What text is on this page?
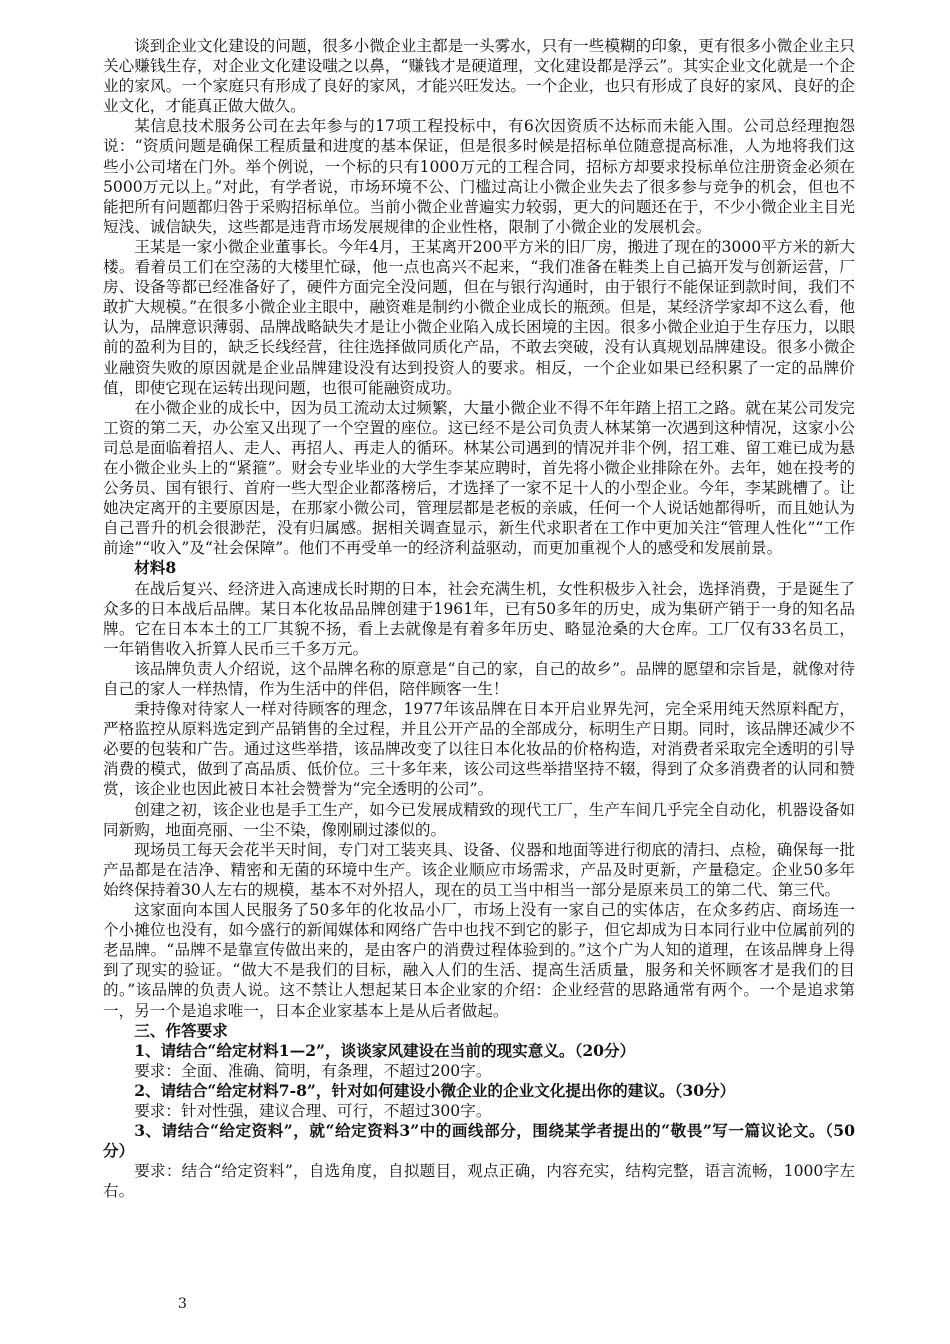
谈到企业文化建设的问题，很多小微企业主都是一头雾水，只有一些模糊的印象，更有很多小微企业主只关心赚钱生存，对企业文化建设嗤之以鼻，“赚钱才是硬道理，文化建设都是浮云”。其实企业文化就是一个企业的家风。一个家庭只有形成了良好的家风，才能兴旺发达。一个企业，也只有形成了良好的家风、良好的企业文化，才能真正做大做久。

某信息技术服务公司在去年参与的17项工程投标中，有6次因资质不达标而未能入围。公司总经理抱怨说：“资质问题是确保工程质量和进度的基本保证，但是很多时候是招标单位随意提高标准，人为地将我们这些小公司堵在门外。举个例说，一个标的只有1000万元的工程合同，招标方却要求投标单位注册资金必须在5000万元以上。”对此，有学者说，市场环境不公、门槛过高让小微企业失去了很多参与竞争的机会，但也不能把所有问题都归咎于采购招标单位。当前小微企业普遍实力较弱，更大的问题还在于，不少小微企业主目光短浅、诚信缺失，这些都是违背市场发展规律的企业性格，限制了小微企业的发展机会。

王某是一家小微企业董事长。今年4月，王某离开200平方米的旧厂房，搬进了现在的3000平方米的新大楼。看着员工们在空荡的大楼里忙碌，他一点也高兴不起来，“我们准备在鞋类上自己搞开发与创新运营，厂房、设备等都已经准备好了，硬件方面完全没问题，但在与银行沟通时，由于银行不能保证到款时间，我们不敢扩大规模。”在很多小微企业主眼中，融资难是制约小微企业成长的瓶颈。但是，某经济学家却不这么看，他认为，品牌意识薄弱、品牌战略缺失才是让小微企业陷入成长困境的主因。很多小微企业迫于生存压力，以眼前的盈利为目的，缺乏长线经营，往往选择做同质化产品，不敢去突破，没有认真规划品牌建设。很多小微企业融资失败的原因就是企业品牌建设没有达到投资人的要求。相反，一个企业如果已经积累了一定的品牌价值，即使它现在运转出现问题，也很可能融资成功。

在小微企业的成长中，因为员工流动太过频繁，大量小微企业不得不年年踏上招工之路。就在某公司发完工资的第二天，办公室又出现了一个空置的座位。这已经不是公司负责人林某第一次遇到这种情况，这家小公司总是面临着招人、走人、再招人、再走人的循环。林某公司遇到的情况并非个例，招工难、留工难已成为悬在小微企业头上的“紧箍”。财会专业毕业的大学生李某应聘时，首先将小微企业排除在外。去年，她在投考的公务员、国有银行、首府一些大型企业都落榜后，才选择了一家不足十人的小型企业。今年，李某跳槽了。让她决定离开的主要原因是，在那家小微公司，管理层都是老板的亲戚，任何一个人说话她都得听，而且她认为自己晋升的机会很渺茫，没有归属感。据相关调查显示，新生代求职者在工作中更加关注“管理人性化”“工作前途”“收入”及“社会保障”。他们不再受单一的经济利益驱动，而更加重视个人的感受和发展前景。

材料8

在战后复兴、经济进入高速成长时期的日本，社会充满生机，女性积极步入社会，选择消费，于是诞生了众多的日本战后品牌。某日本化妆品品牌创建于1961年，已有50多年的历史，成为集研产销于一身的知名品牌。它在日本本土的工厂其貌不扬，看上去就像是有着多年历史、略显沧桑的大仓库。工厂仅有33名员工，一年销售收入折算人民币三千多万元。

该品牌负责人介绍说，这个品牌名称的原意是“自己的家，自己的故乡”。品牌的愿望和宗旨是，就像对待自己的家人一样热情，作为生活中的伴侣，陪伴顾客一生！

秉持像对待家人一样对待顾客的理念，1977年该品牌在日本开启业界先河，完全采用纯天然原料配方，严格监控从原料选定到产品销售的全过程，并且公开产品的全部成分，标明生产日期。同时，该品牌还减少不必要的包装和广告。通过这些举措，该品牌改变了以往日本化妆品的价格构造，对消费者采取完全透明的引导消费的模式，做到了高品质、低价位。三十多年来，该公司这些举措坚持不辍，得到了众多消费者的认同和赞赏，该企业也因此被日本社会赞誉为“完全透明的公司”。

创建之初，该企业也是手工生产，如今已发展成精致的现代工厂，生产车间几乎完全自动化，机器设备如同新购，地面亮丽、一尘不染，像刚刷过漆似的。

现场员工每天会花半天时间，专门对工装夹具、设备、仪器和地面等进行彻底的清扫、点检，确保每一批产品都是在洁净、精密和无菌的环境中生产。该企业顺应市场需求，产品及时更新，产量稳定。企业50多年始终保持着30人左右的规模，基本不对外招人，现在的员工当中相当一部分是原来员工的第二代、第三代。

这家面向本国人民服务了50多年的化妆品小厂，市场上没有一家自己的实体店，在众多药店、商场连一个小摊位也没有，如今盛行的新闻媒体和网络广告中也找不到它的影子，但它却成为日本同行业中位属前列的老品牌。“品牌不是靠宣传做出来的，是由客户的消费过程体验到的。”这个广为人知的道理，在该品牌身上得到了现实的验证。“做大不是我们的目标，融入人们的生活、提高生活质量，服务和关怀顾客才是我们的目的。”该品牌的负责人说。这不禁让人想起某日本企业家的介绍：企业经营的思路通常有两个。一个是追求第一，另一个是追求唯一，日本企业家基本上是从后者做起。

三、作答要求

1、请结合“给定材料1—2”，谈谈家风建设在当前的现实意义。（20分）

要求：全面、准确、简明，有条理，不超过200字。

2、请结合“给定材料7-8”，针对如何建设小微企业的企业文化提出你的建议。（30分）

要求：针对性强，建议合理、可行，不超过300字。

3、请结合“给定资料”，就“给定资料3”中的画线部分，围绕某学者提出的“敬畏”写一篇议论文。（50分）

要求：结合“给定资料”，自选角度，自拟题目，观点正确，内容充实，结构完整，语言流畅，1000字左右。

3
